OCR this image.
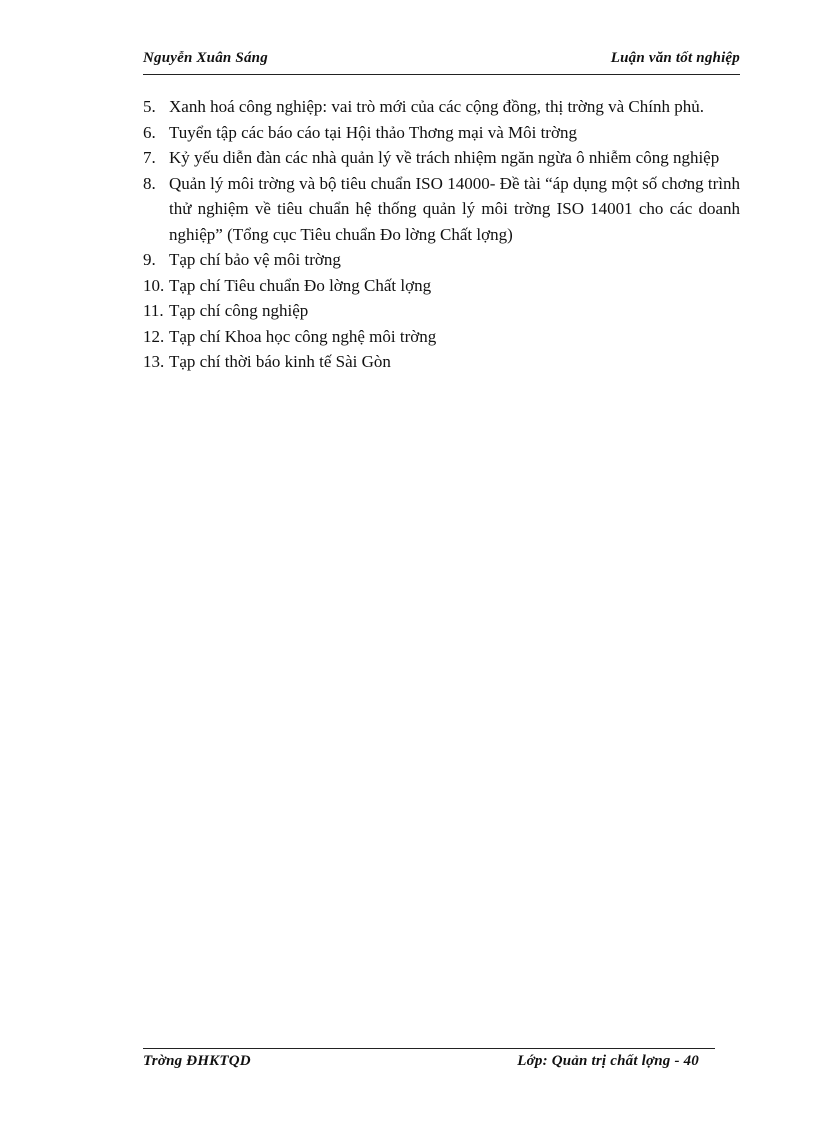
Nguyễn Xuân Sáng	Luận văn tốt nghiệp
5. Xanh hoá công nghiệp: vai trò mới của các cộng đồng, thị trờng và Chính phủ.
6. Tuyển tập các báo cáo tại Hội thảo Thơng mại và Môi trờng
7. Kỷ yếu diễn đàn các nhà quản lý về trách nhiệm ngăn ngừa ô nhiễm công nghiệp
8. Quản lý môi trờng và bộ tiêu chuẩn ISO 14000- Đề tài “áp dụng một số chơng trình thử nghiệm về tiêu chuẩn hệ thống quản lý môi trờng ISO 14001 cho các doanh nghiệp” (Tổng cục Tiêu chuẩn Đo lờng Chất lợng)
9. Tạp chí bảo vệ môi trờng
10. Tạp chí Tiêu chuẩn Đo lờng Chất lợng
11. Tạp chí công nghiệp
12. Tạp chí Khoa học công nghệ môi trờng
13. Tạp chí thời báo kinh tế Sài Gòn
Trờng ĐHKTQD	Lớp: Quản trị chất lợng - 40
